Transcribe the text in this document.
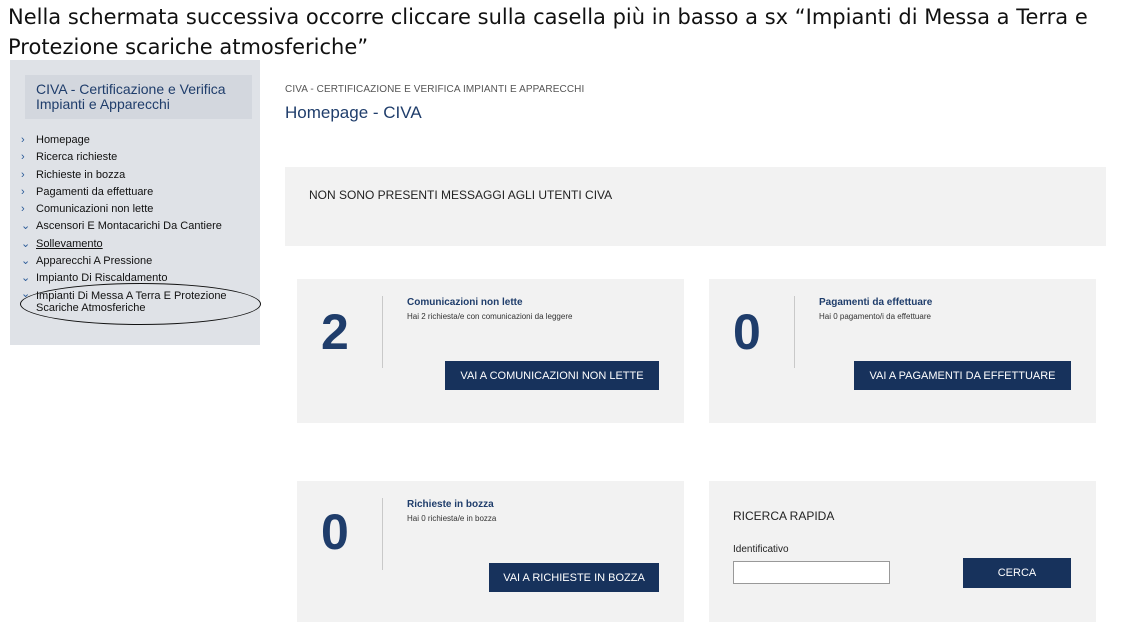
Nella schermata successiva occorre cliccare sulla casella più in basso a sx “Impianti di Messa a Terra e Protezione scariche atmosferiche”
CIVA - Certificazione e Verifica Impianti e Apparecchi
› Homepage
› Ricerca richieste
› Richieste in bozza
› Pagamenti da effettuare
› Comunicazioni non lette
⌄ Ascensori E Montacarichi Da Cantiere
⌄ Sollevamento
⌄ Apparecchi A Pressione
⌄ Impianto Di Riscaldamento
⌄ Impianti Di Messa A Terra E Protezione Scariche Atmosferiche
CIVA - CERTIFICAZIONE E VERIFICA IMPIANTI E APPARECCHI
Homepage - CIVA
NON SONO PRESENTI MESSAGGI AGLI UTENTI CIVA
2
Comunicazioni non lette
Hai 2 richiesta/e con comunicazioni da leggere
VAI A COMUNICAZIONI NON LETTE
0
Pagamenti da effettuare
Hai 0 pagamento/i da effettuare
VAI A PAGAMENTI DA EFFETTUARE
0	Richieste in bozza
Hai 0 richiesta/e in bozza
VAI A RICHIESTE IN BOZZA
RICERCA RAPIDA
Identificativo
CERCA
